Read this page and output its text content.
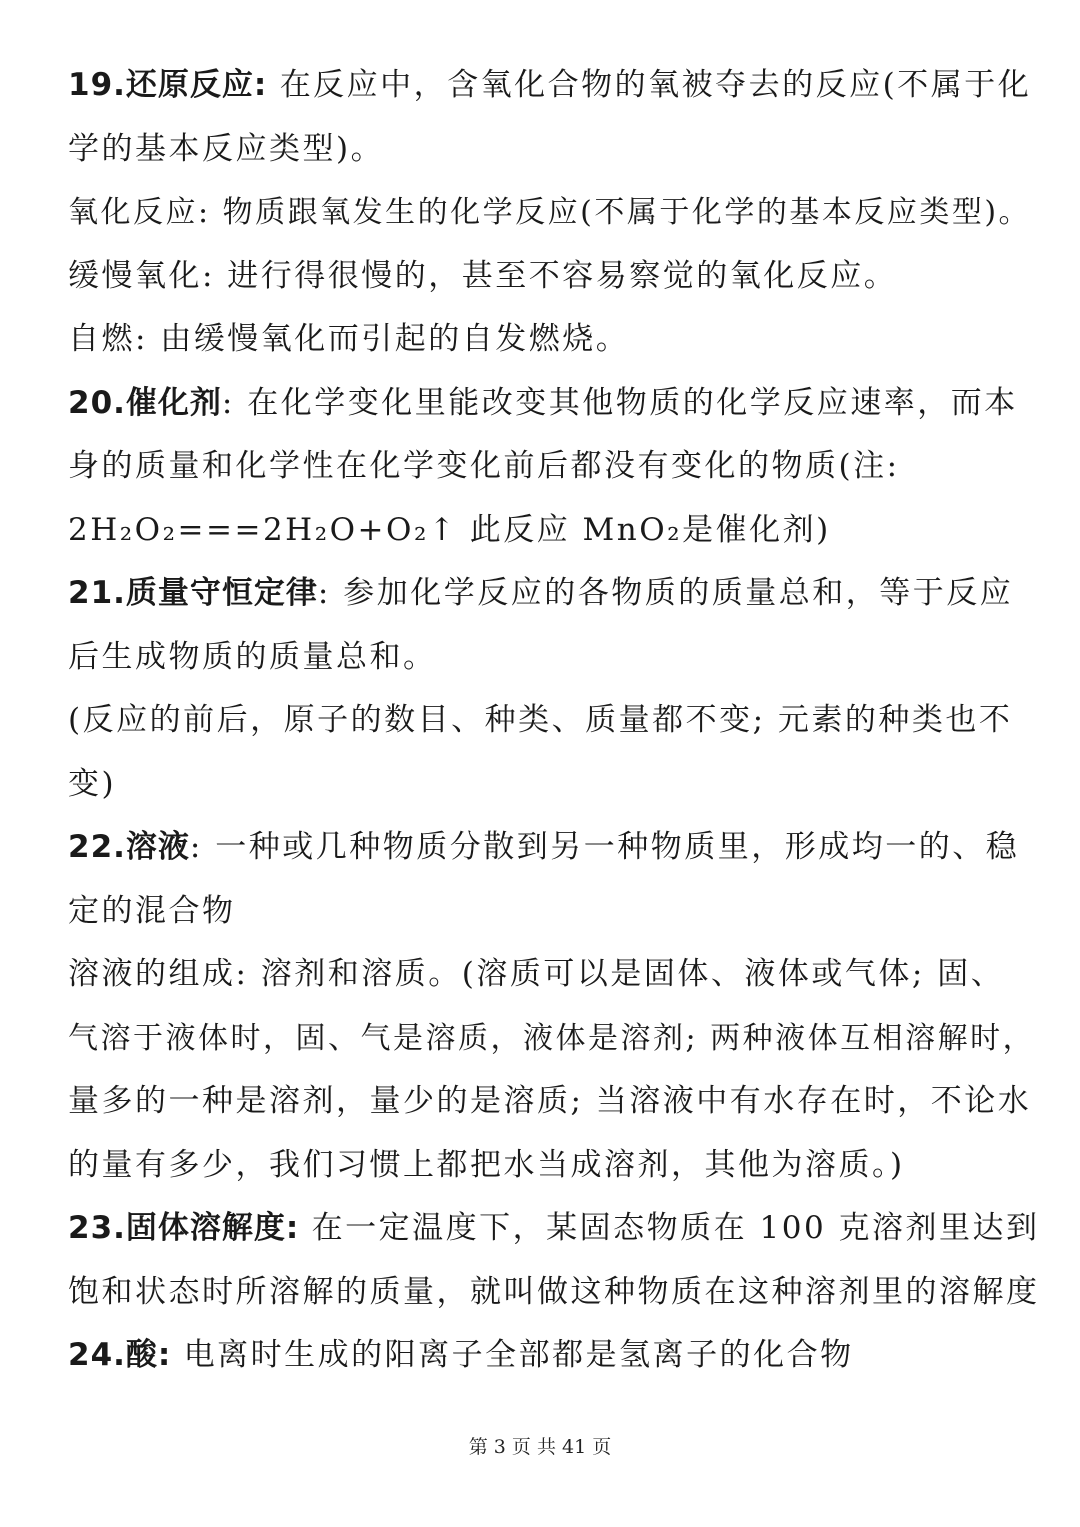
19.还原反应: 在反应中，含氧化合物的氧被夺去的反应(不属于化
学的基本反应类型)。
氧化反应: 物质跟氧发生的化学反应(不属于化学的基本反应类型)。
缓慢氧化: 进行得很慢的，甚至不容易察觉的氧化反应。
自燃: 由缓慢氧化而引起的自发燃烧。
20.催化剂: 在化学变化里能改变其他物质的化学反应速率，而本
身的质量和化学性在化学变化前后都没有变化的物质(注:
2H₂O₂===2H₂O+O₂↑ 此反应 MnO₂是催化剂)
21.质量守恒定律: 参加化学反应的各物质的质量总和，等于反应
后生成物质的质量总和。
(反应的前后，原子的数目、种类、质量都不变; 元素的种类也不
变)
22.溶液: 一种或几种物质分散到另一种物质里，形成均一的、稳
定的混合物
溶液的组成: 溶剂和溶质。(溶质可以是固体、液体或气体; 固、
气溶于液体时，固、气是溶质，液体是溶剂; 两种液体互相溶解时，
量多的一种是溶剂，量少的是溶质; 当溶液中有水存在时，不论水
的量有多少，我们习惯上都把水当成溶剂，其他为溶质。)
23.固体溶解度: 在一定温度下，某固态物质在 100 克溶剂里达到
饱和状态时所溶解的质量，就叫做这种物质在这种溶剂里的溶解度
24.酸: 电离时生成的阳离子全部都是氢离子的化合物
第 3 页 共 41 页
